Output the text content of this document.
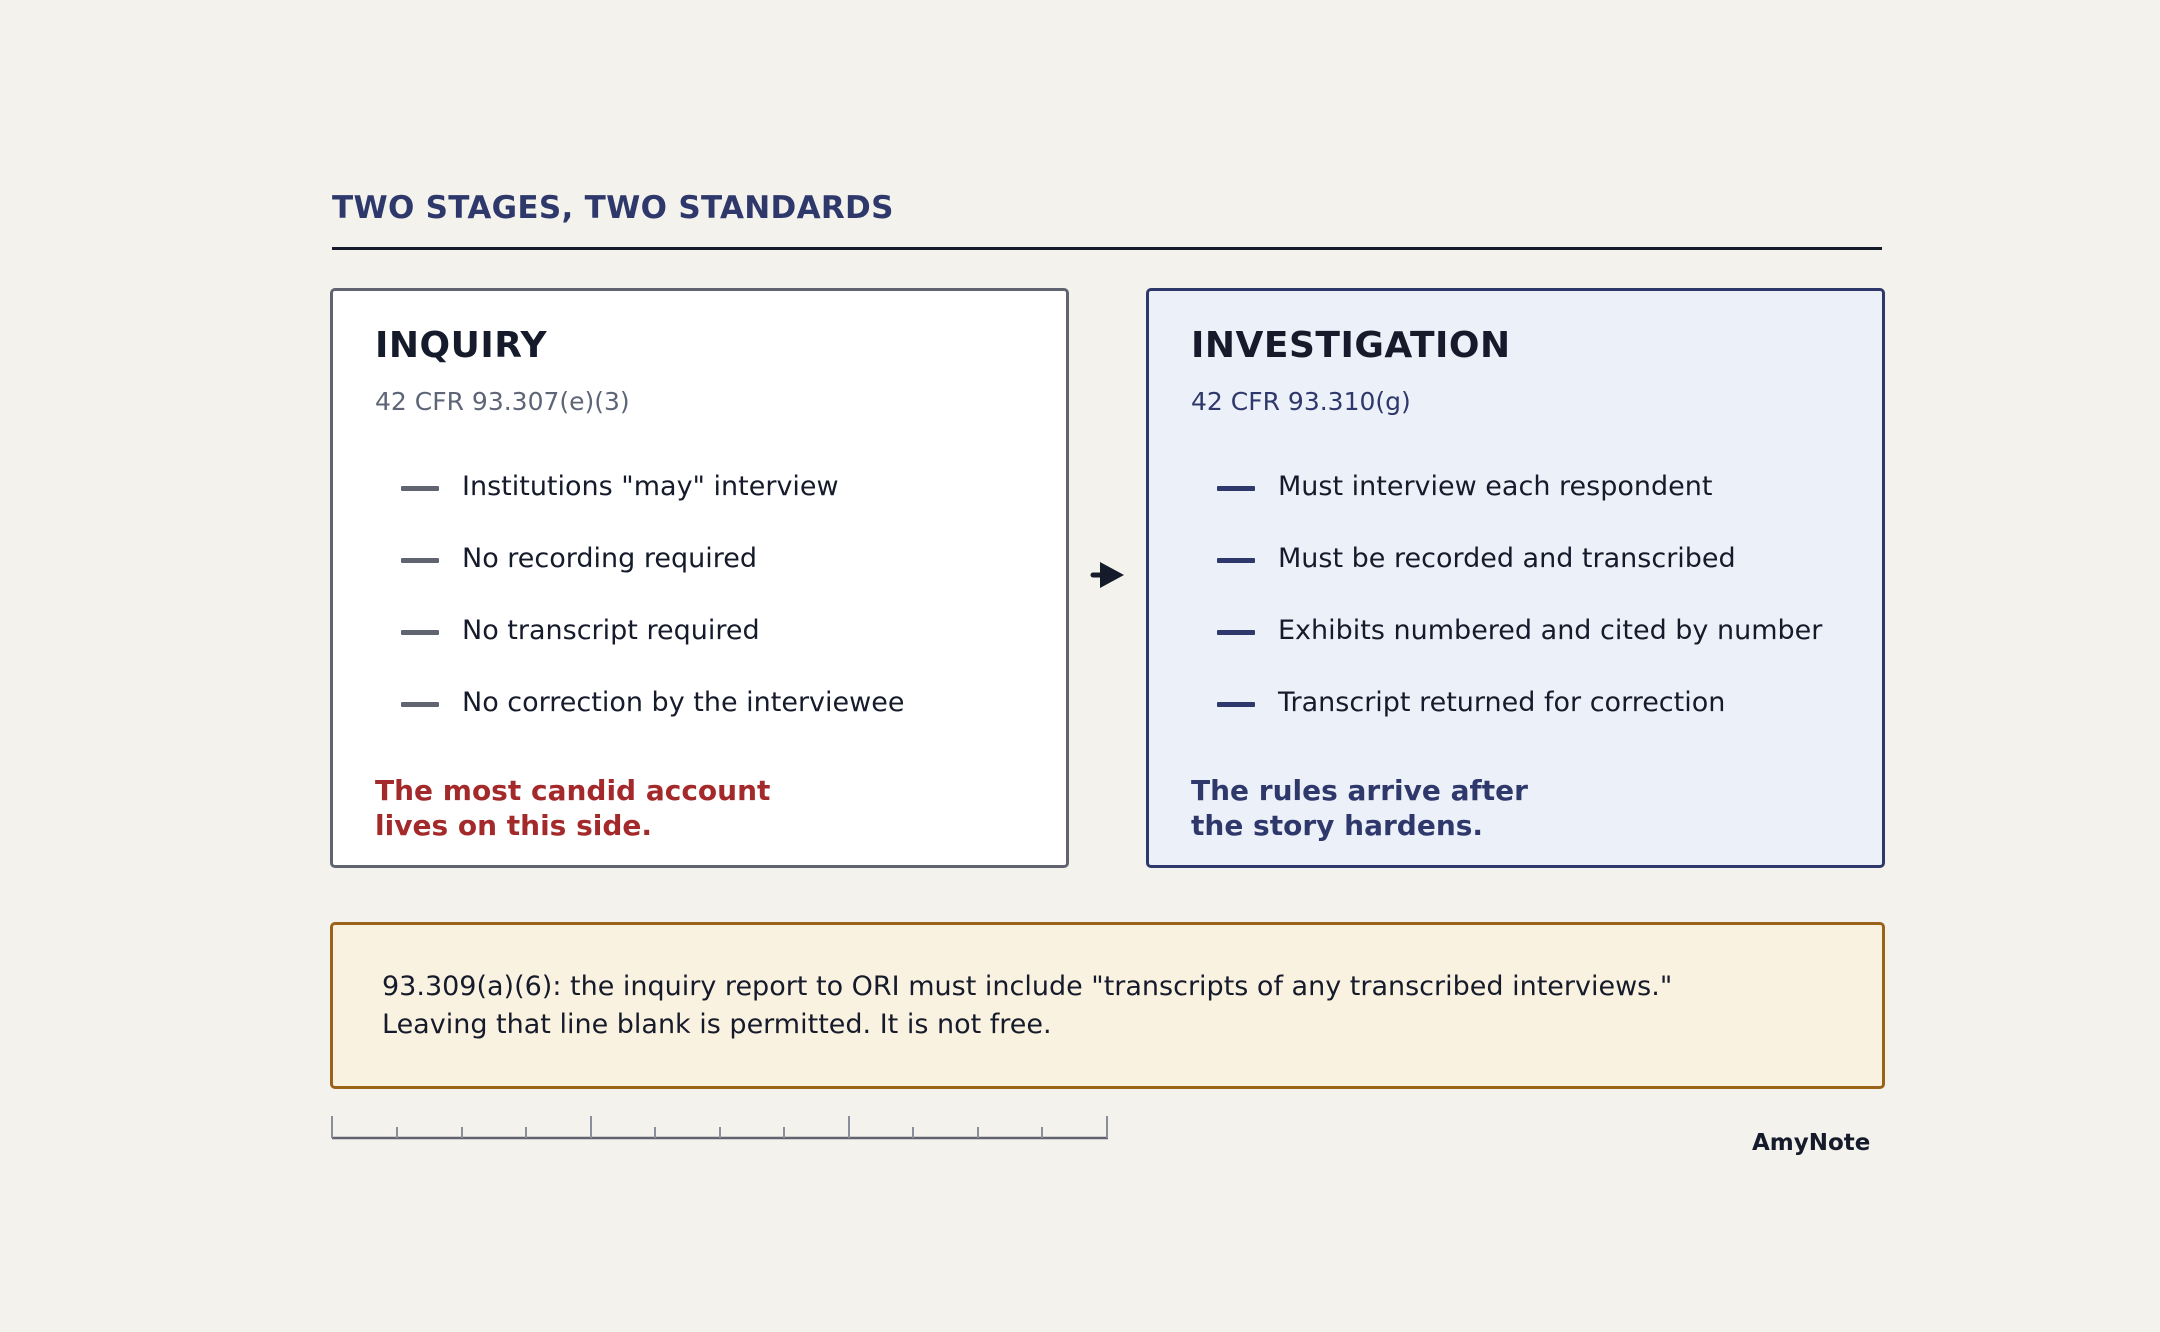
TWO STAGES, TWO STANDARDS
INQUIRY
42 CFR 93.307(e)(3)
Institutions "may" interview
No recording required
No transcript required
No correction by the interviewee
The most candid account
lives on this side.
INVESTIGATION
42 CFR 93.310(g)
Must interview each respondent
Must be recorded and transcribed
Exhibits numbered and cited by number
Transcript returned for correction
The rules arrive after
the story hardens.
93.309(a)(6): the inquiry report to ORI must include "transcripts of any transcribed interviews."
Leaving that line blank is permitted. It is not free.
AmyNote
